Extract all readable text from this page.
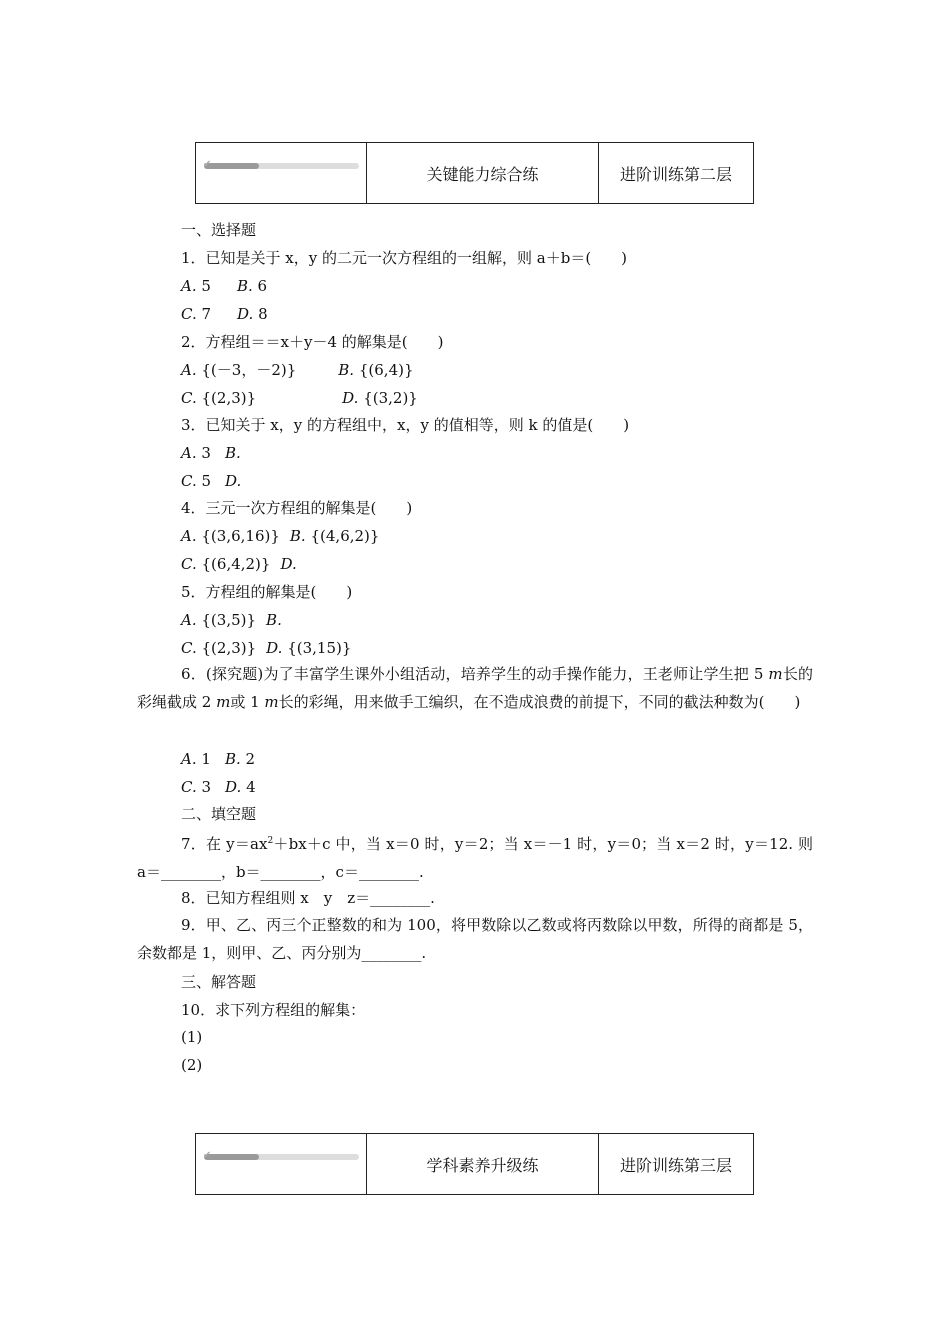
✔	关键能力综合练	进阶训练第二层
一、选择题
1．已知是关于 x，y 的二元一次方程组的一组解，则 a＋b＝(　　)
A. 5 B. 6
C. 7 D. 8
2．方程组＝＝x＋y－4 的解集是(　　)
A. {(－3，－2)}	B. {(6,4)}
C. {(2,3)}	D. {(3,2)}
3．已知关于 x，y 的方程组中，x，y 的值相等，则 k 的值是(　　)
A. 3 B.
C. 5 D.
4．三元一次方程组的解集是(　　)
A. {(3,6,16)} B. {(4,6,2)}
C. {(6,4,2)} D.
5．方程组的解集是(　　)
A. {(3,5)} B.
C. {(2,3)} D. {(3,15)}
6．(探究题)为了丰富学生课外小组活动，培养学生的动手操作能力，王老师让学生把 5 m长的彩绳截成 2 m或 1 m长的彩绳，用来做手工编织，在不造成浪费的前提下，不同的截法种数为(　　)
A. 1 B. 2
C. 3 D. 4
二、填空题
7．在 $y=ax^2+bx+c$ 中，当 x＝0 时，y＝2；当 x＝－1 时，y＝0；当 x＝2 时，y＝12. 则 a＝________，b＝________，c＝________.
8．已知方程组则 x　y　z＝________.
9．甲、乙、丙三个正整数的和为 100，将甲数除以乙数或将丙数除以甲数，所得的商都是 5，余数都是 1，则甲、乙、丙分别为________.
三、解答题
10．求下列方程组的解集：
(1)
(2)
✔	学科素养升级练	进阶训练第三层
